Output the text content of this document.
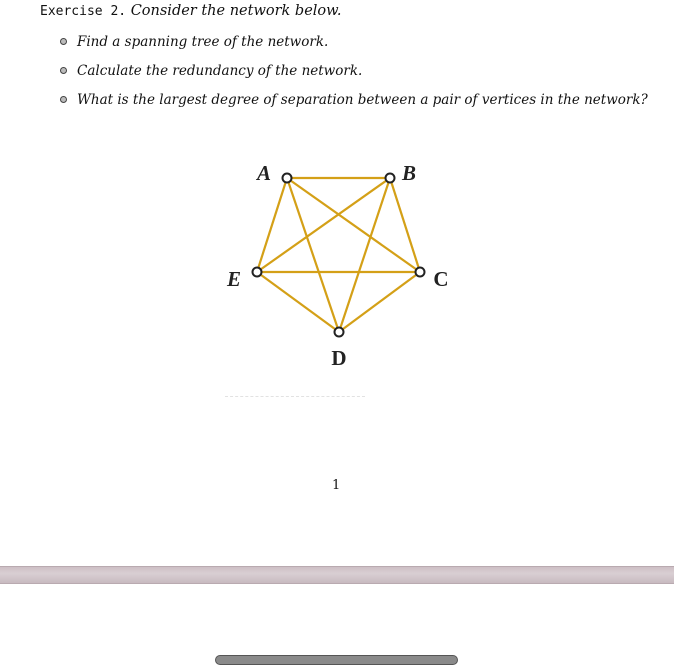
Exercise 2. Consider the network below.
Find a spanning tree of the network.
Calculate the redundancy of the network.
What is the largest degree of separation between a pair of vertices in the network?
A	B
C
D
E
1
